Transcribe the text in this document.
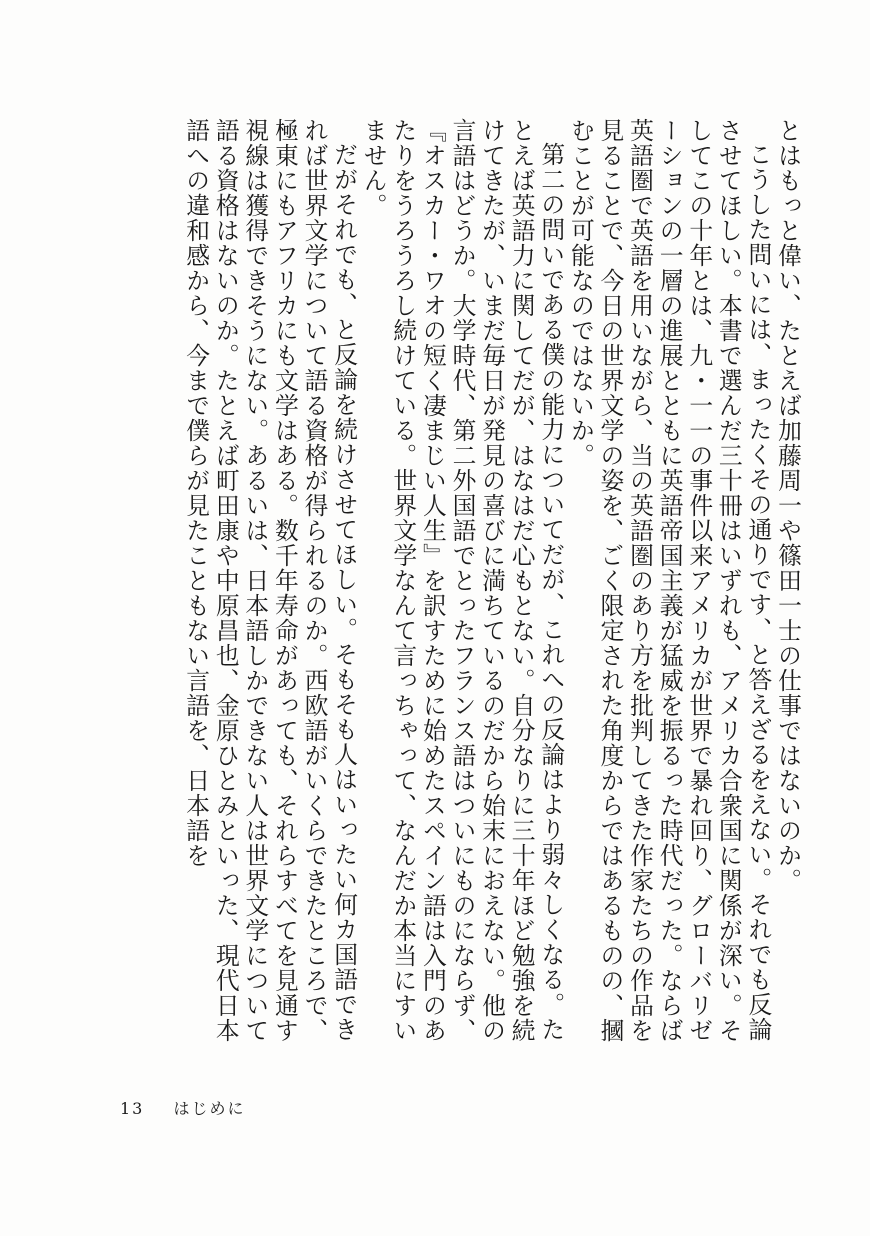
とはもっと偉い、たとえば加藤周一や篠田一士の仕事ではないのか。

こうした問いには、まったくその通りです、と答えざるをえない。それでも反論させてほしい。本書で選んだ三十冊はいずれも、アメリカ合衆国に関係が深い。そしてこの十年とは、九・一一の事件以来アメリカが世界で暴れ回り、グローバリゼーションの一層の進展とともに英語帝国主義が猛威を振るった時代だった。ならば英語圏で英語を用いながら、当の英語圏のあり方を批判してきた作家たちの作品を見ることで、今日の世界文学の姿を、ごく限定された角度からではあるものの、摑むことが可能なのではないか。

第二の問いである僕の能力についてだが、これへの反論はより弱々しくなる。たとえば英語力に関してだが、はなはだ心もとない。自分なりに三十年ほど勉強を続けてきたが、いまだ毎日が発見の喜びに満ちているのだから始末におえない。他の言語はどうか。大学時代、第二外国語でとったフランス語はついにものにならず、『オスカー・ワオの短く凄まじい人生』を訳すために始めたスペイン語は入門のあたりをうろうろし続けている。世界文学なんて言っちゃって、なんだか本当にすいません。

だがそれでも、と反論を続けさせてほしい。そもそも人はいったい何カ国語できれば世界文学について語る資格が得られるのか。西欧語がいくらできたところで、極東にもアフリカにも文学はある。数千年寿命があっても、それらすべてを見通す視線は獲得できそうにない。あるいは、日本語しかできない人は世界文学について語る資格はないのか。たとえば町田康や中原昌也、金原ひとみといった、現代日本語への違和感から、今まで僕らが見たこともない言語を、日本語を

13 はじめに
